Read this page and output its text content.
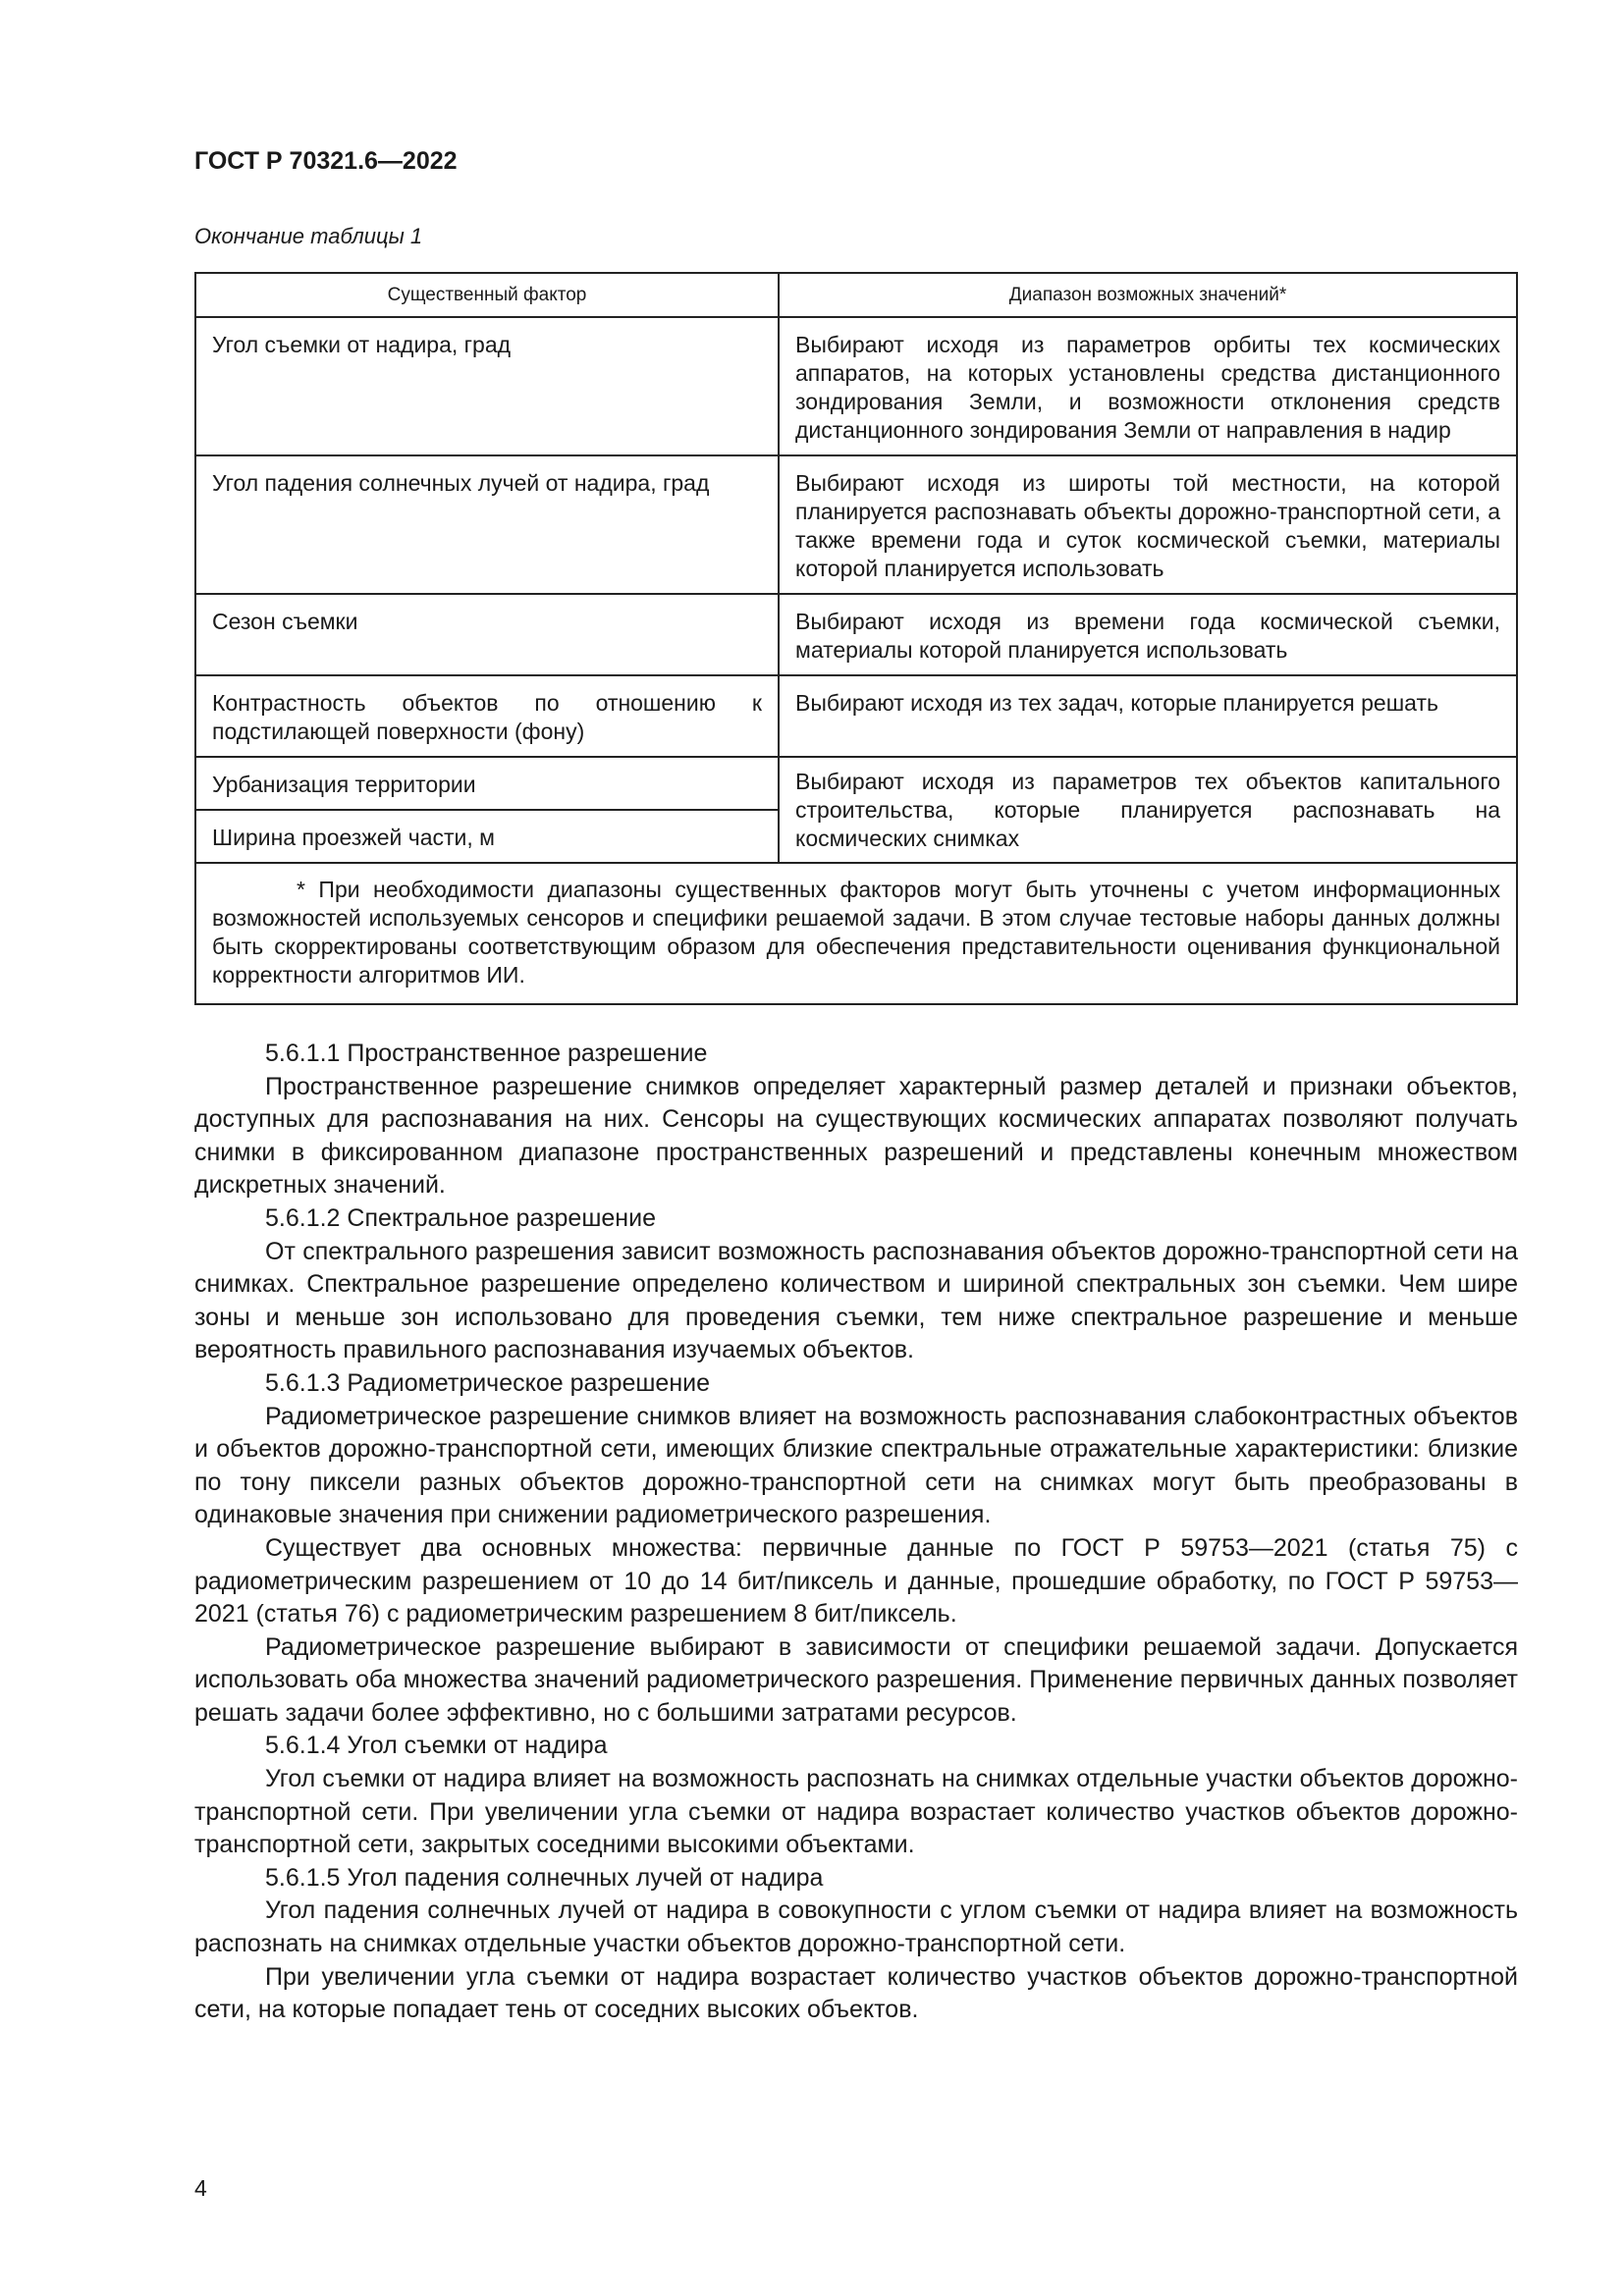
ГОСТ Р 70321.6—2022
Окончание таблицы 1
Существенный фактор	Диапазон возможных значений*
Угол съемки от надира, град	Выбирают исходя из параметров орбиты тех космических аппаратов, на которых установлены средства дистанционного зондирования Земли, и возможности отклонения средств дистанционного зондирования Земли от направления в надир
Угол падения солнечных лучей от надира, град	Выбирают исходя из широты той местности, на которой планируется распознавать объекты дорожно-транспортной сети, а также времени года и суток космической съемки, материалы которой планируется использовать
Сезон съемки	Выбирают исходя из времени года космической съемки, материалы которой планируется использовать
Контрастность объектов по отношению к подстилающей поверхности (фону)	Выбирают исходя из тех задач, которые планируется решать
Урбанизация территории	Выбирают исходя из параметров тех объектов капитального строительства, которые планируется распознавать на космических снимках
Ширина проезжей части, м	
* При необходимости диапазоны существенных факторов могут быть уточнены с учетом информационных возможностей используемых сенсоров и специфики решаемой задачи. В этом случае тестовые наборы данных должны быть скорректированы соответствующим образом для обеспечения представительности оценивания функциональной корректности алгоритмов ИИ.	

5.6.1.1 Пространственное разрешение

Пространственное разрешение снимков определяет характерный размер деталей и признаки объектов, доступных для распознавания на них. Сенсоры на существующих космических аппаратах позволяют получать снимки в фиксированном диапазоне пространственных разрешений и представлены конечным множеством дискретных значений.

5.6.1.2 Спектральное разрешение

От спектрального разрешения зависит возможность распознавания объектов дорожно-транспортной сети на снимках. Спектральное разрешение определено количеством и шириной спектральных зон съемки. Чем шире зоны и меньше зон использовано для проведения съемки, тем ниже спектральное разрешение и меньше вероятность правильного распознавания изучаемых объектов.

5.6.1.3 Радиометрическое разрешение

Радиометрическое разрешение снимков влияет на возможность распознавания слабоконтрастных объектов и объектов дорожно-транспортной сети, имеющих близкие спектральные отражательные характеристики: близкие по тону пиксели разных объектов дорожно-транспортной сети на снимках могут быть преобразованы в одинаковые значения при снижении радиометрического разрешения.

Существует два основных множества: первичные данные по ГОСТ Р 59753—2021 (статья 75) с радиометрическим разрешением от 10 до 14 бит/пиксель и данные, прошедшие обработку, по ГОСТ Р 59753—2021 (статья 76) с радиометрическим разрешением 8 бит/пиксель.

Радиометрическое разрешение выбирают в зависимости от специфики решаемой задачи. Допускается использовать оба множества значений радиометрического разрешения. Применение первичных данных позволяет решать задачи более эффективно, но с большими затратами ресурсов.

5.6.1.4 Угол съемки от надира

Угол съемки от надира влияет на возможность распознать на снимках отдельные участки объектов дорожно-транспортной сети. При увеличении угла съемки от надира возрастает количество участков объектов дорожно-транспортной сети, закрытых соседними высокими объектами.

5.6.1.5 Угол падения солнечных лучей от надира

Угол падения солнечных лучей от надира в совокупности с углом съемки от надира влияет на возможность распознать на снимках отдельные участки объектов дорожно-транспортной сети.

При увеличении угла съемки от надира возрастает количество участков объектов дорожно-транспортной сети, на которые попадает тень от соседних высоких объектов.

4
